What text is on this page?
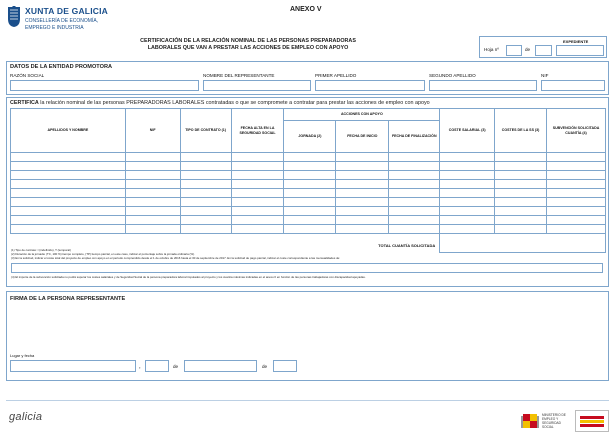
XUNTA DE GALICIA
CONSELLERÍA DE ECONOMÍA,
EMPREGO E INDUSTRIA
ANEXO V
CERTIFICACIÓN DE LA RELACIÓN NOMINAL DE LAS PERSONAS PREPARADORAS
LABORALES QUE VAN A PRESTAR LAS ACCIONES DE EMPLEO CON APOYO
EXPEDIENTE
Hoja nº	de
DATOS DE LA ENTIDAD PROMOTORA
RAZÓN SOCIAL	NOMBRE DEL REPRESENTANTE	PRIMER APELLIDO	SEGUNDO APELLIDO	NIF
CERTIFICA la relación nominal de las personas PREPARADORAS LABORALES contratadas o que se compromete a contratar para prestar las acciones de empleo con apoyo
APELLIDOS Y NOMBRE	NIF	TIPO DE CONTRATO (1)	FECHA ALTA EN LA SEGURIDAD SOCIAL	ACCIONES CON APOYO			COSTE SALARIAL (3)	COSTES DE LA SS (3)	SUBVENCIÓN SOLICITADA CUANTÍA (4)
				JORNADA (2)	FECHA DE INICIO	FECHA DE FINALIZACIÓN			

TOTAL CUANTÍA SOLICITADA									
(1) Tipo de contrato: I (indefinido), T (temporal)
(2) Duración de la jornada: (TC, 100 %) tiempo completo, (TP) tiempo parcial, en este caso, indicar el porcentaje sobre la jornada ordinaria (%).
(3) En la solicitud, indicar el coste total del proyecto de empleo con apoyo en el período comprendido desde el 1 de octubre de 2016 hasta el 30 de septiembre de 2017. En la solicitud de pago parcial, indicar el coste correspondiente a las mensualidades de:
(4) El importe de la subvención solicitada no podrá superar los costes salariales y de Seguridad Social de la persona preparadora laboral imputados al proyecto y los cuantía máximas indicadas en el anexo II en función de las personas trabajadoras con discapacidad apoyadas.
FIRMA DE LA PERSONA REPRESENTANTE
Lugar y fecha
,	de	de
galicia	MINISTERIO DE EMPLEO Y SEGURIDAD SOCIAL
